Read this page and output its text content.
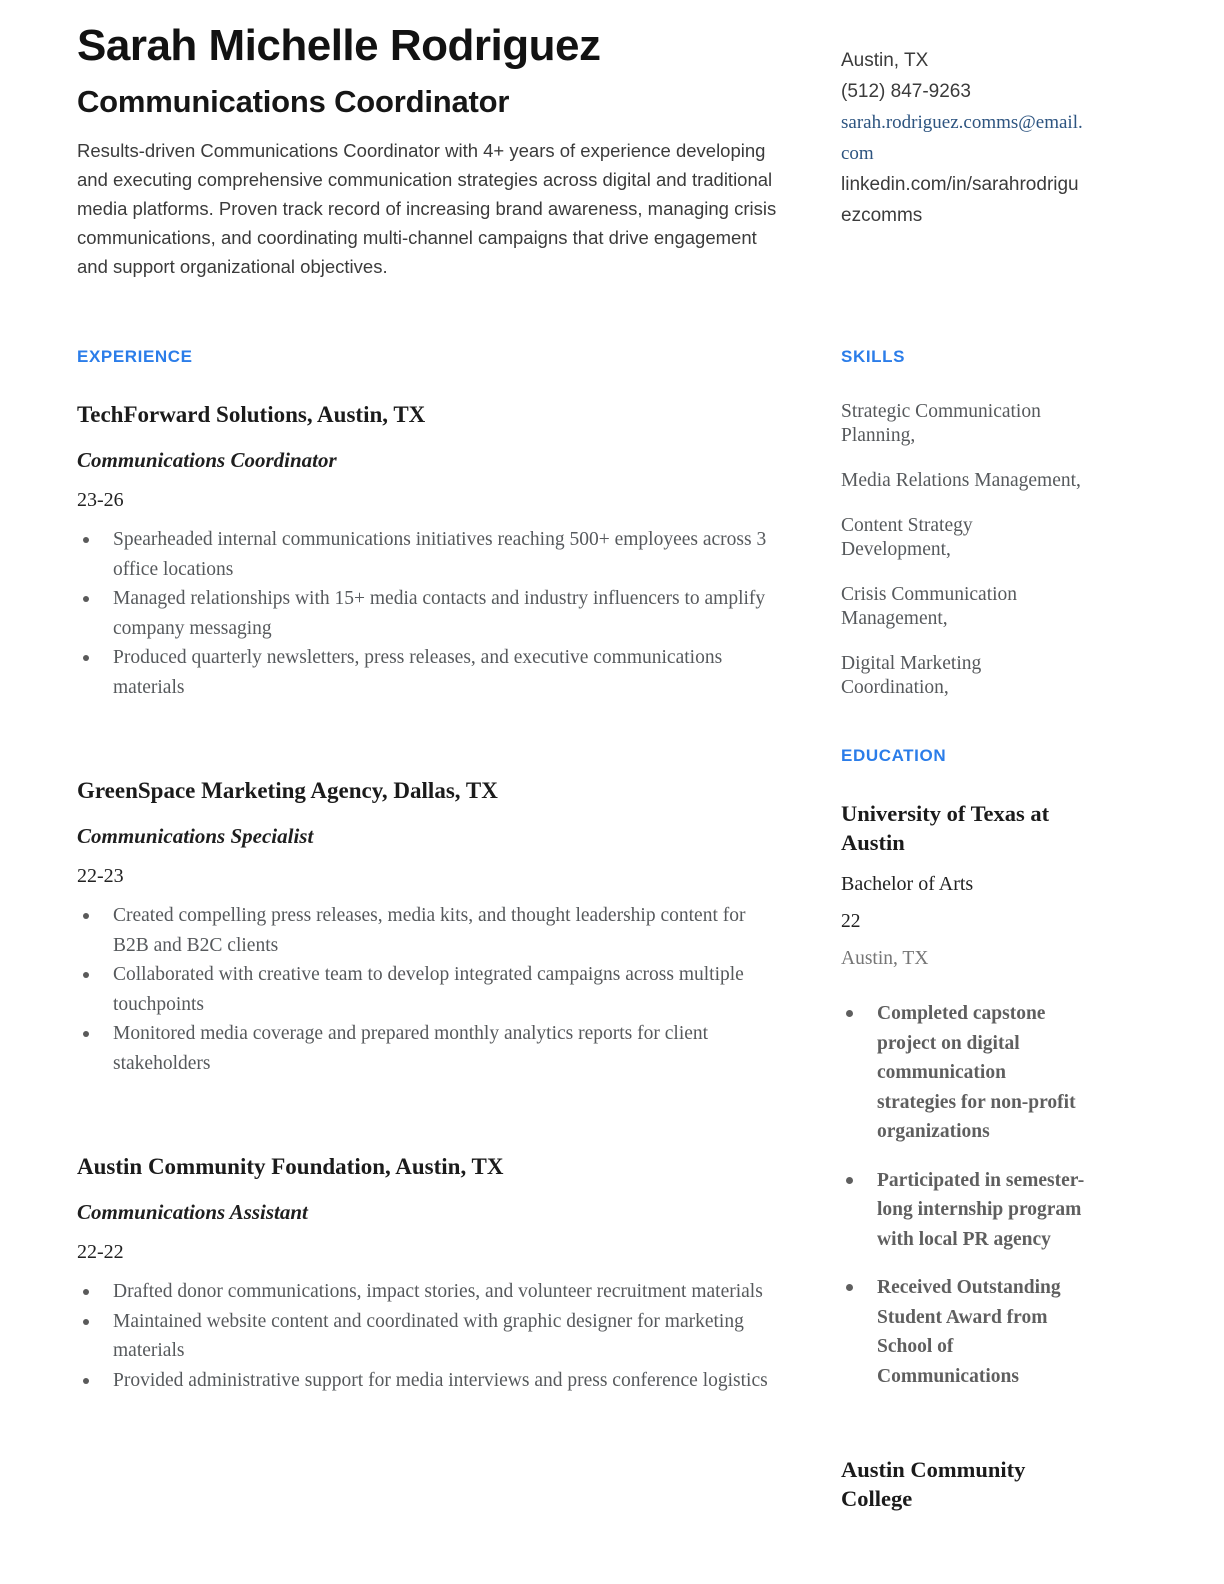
Sarah Michelle Rodriguez
Communications Coordinator

Results-driven Communications Coordinator with 4+ years of experience developing and executing comprehensive communication strategies across digital and traditional media platforms. Proven track record of increasing brand awareness, managing crisis communications, and coordinating multi-channel campaigns that drive engagement and support organizational objectives.

EXPERIENCE
TechForward Solutions, Austin, TX
Communications Coordinator
23-26
Spearheaded internal communications initiatives reaching 500+ employees across 3 office locations
Managed relationships with 15+ media contacts and industry influencers to amplify company messaging
Produced quarterly newsletters, press releases, and executive communications materials
GreenSpace Marketing Agency, Dallas, TX
Communications Specialist
22-23
Created compelling press releases, media kits, and thought leadership content for B2B and B2C clients
Collaborated with creative team to develop integrated campaigns across multiple touchpoints
Monitored media coverage and prepared monthly analytics reports for client stakeholders
Austin Community Foundation, Austin, TX
Communications Assistant
22-22
Drafted donor communications, impact stories, and volunteer recruitment materials
Maintained website content and coordinated with graphic designer for marketing materials
Provided administrative support for media interviews and press conference logistics
Austin, TX
(512) 847-9263
sarah.rodriguez.comms@email.com
linkedin.com/in/sarahrodriguezcomms
SKILLS
Strategic Communication Planning,
Media Relations Management,
Content Strategy Development,
Crisis Communication Management,
Digital Marketing Coordination,
EDUCATION
University of Texas at Austin
Bachelor of Arts
22
Austin, TX
Completed capstone project on digital communication strategies for non-profit organizations
Participated in semester-long internship program with local PR agency
Received Outstanding Student Award from School of Communications
Austin Community College
